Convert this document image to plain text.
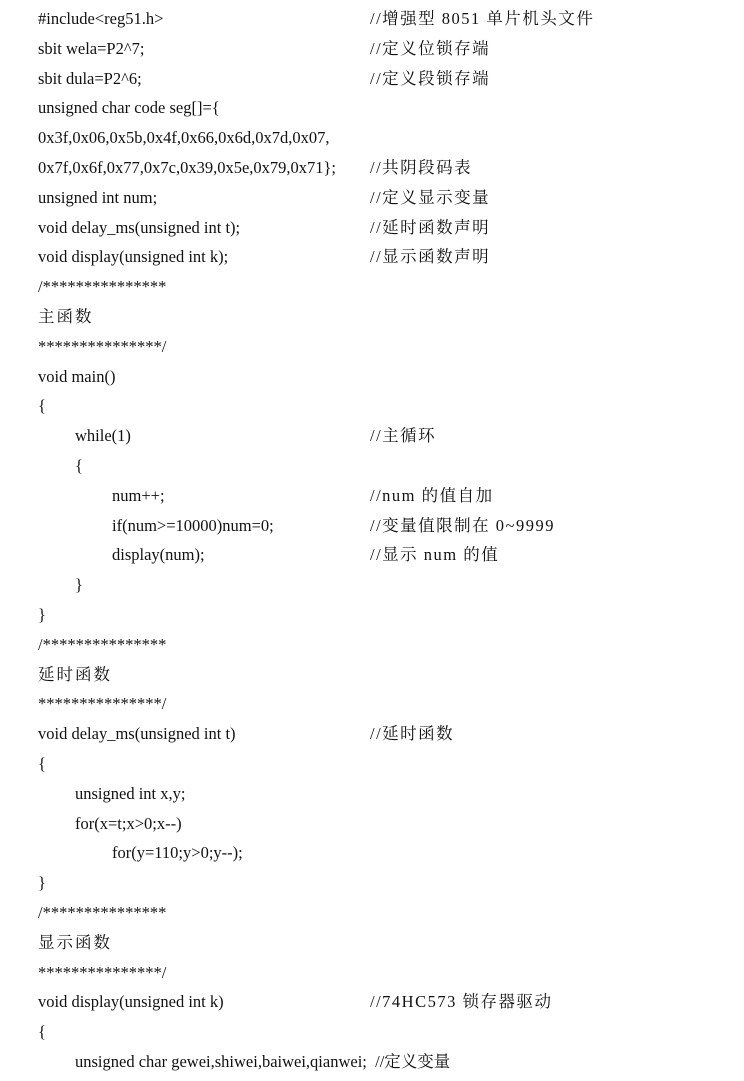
#include<reg51.h>	//增强型 8051 单片机头文件
sbit wela=P2^7;	//定义位锁存端
sbit dula=P2^6;	//定义段锁存端
unsigned char code seg[]={
0x3f,0x06,0x5b,0x4f,0x66,0x6d,0x7d,0x07,
0x7f,0x6f,0x77,0x7c,0x39,0x5e,0x79,0x71}; //共阴段码表
unsigned int num;	//定义显示变量
void delay_ms(unsigned int t);	//延时函数声明
void display(unsigned int k);	//显示函数声明
/***************
主函数
***************/
void main()
{
while(1)	//主循环
{
num++;	//num 的值自加
if(num>=10000)num=0;	//变量值限制在 0~9999
display(num);	//显示 num 的值
}
}
/***************
延时函数
***************/
void delay_ms(unsigned int t)	//延时函数
{
unsigned int x,y;
for(x=t;x>0;x--)
for(y=110;y>0;y--);
}
/***************
显示函数
***************/
void display(unsigned int k)	//74HC573 锁存器驱动
{
unsigned char gewei,shiwei,baiwei,qianwei;  //定义变量
